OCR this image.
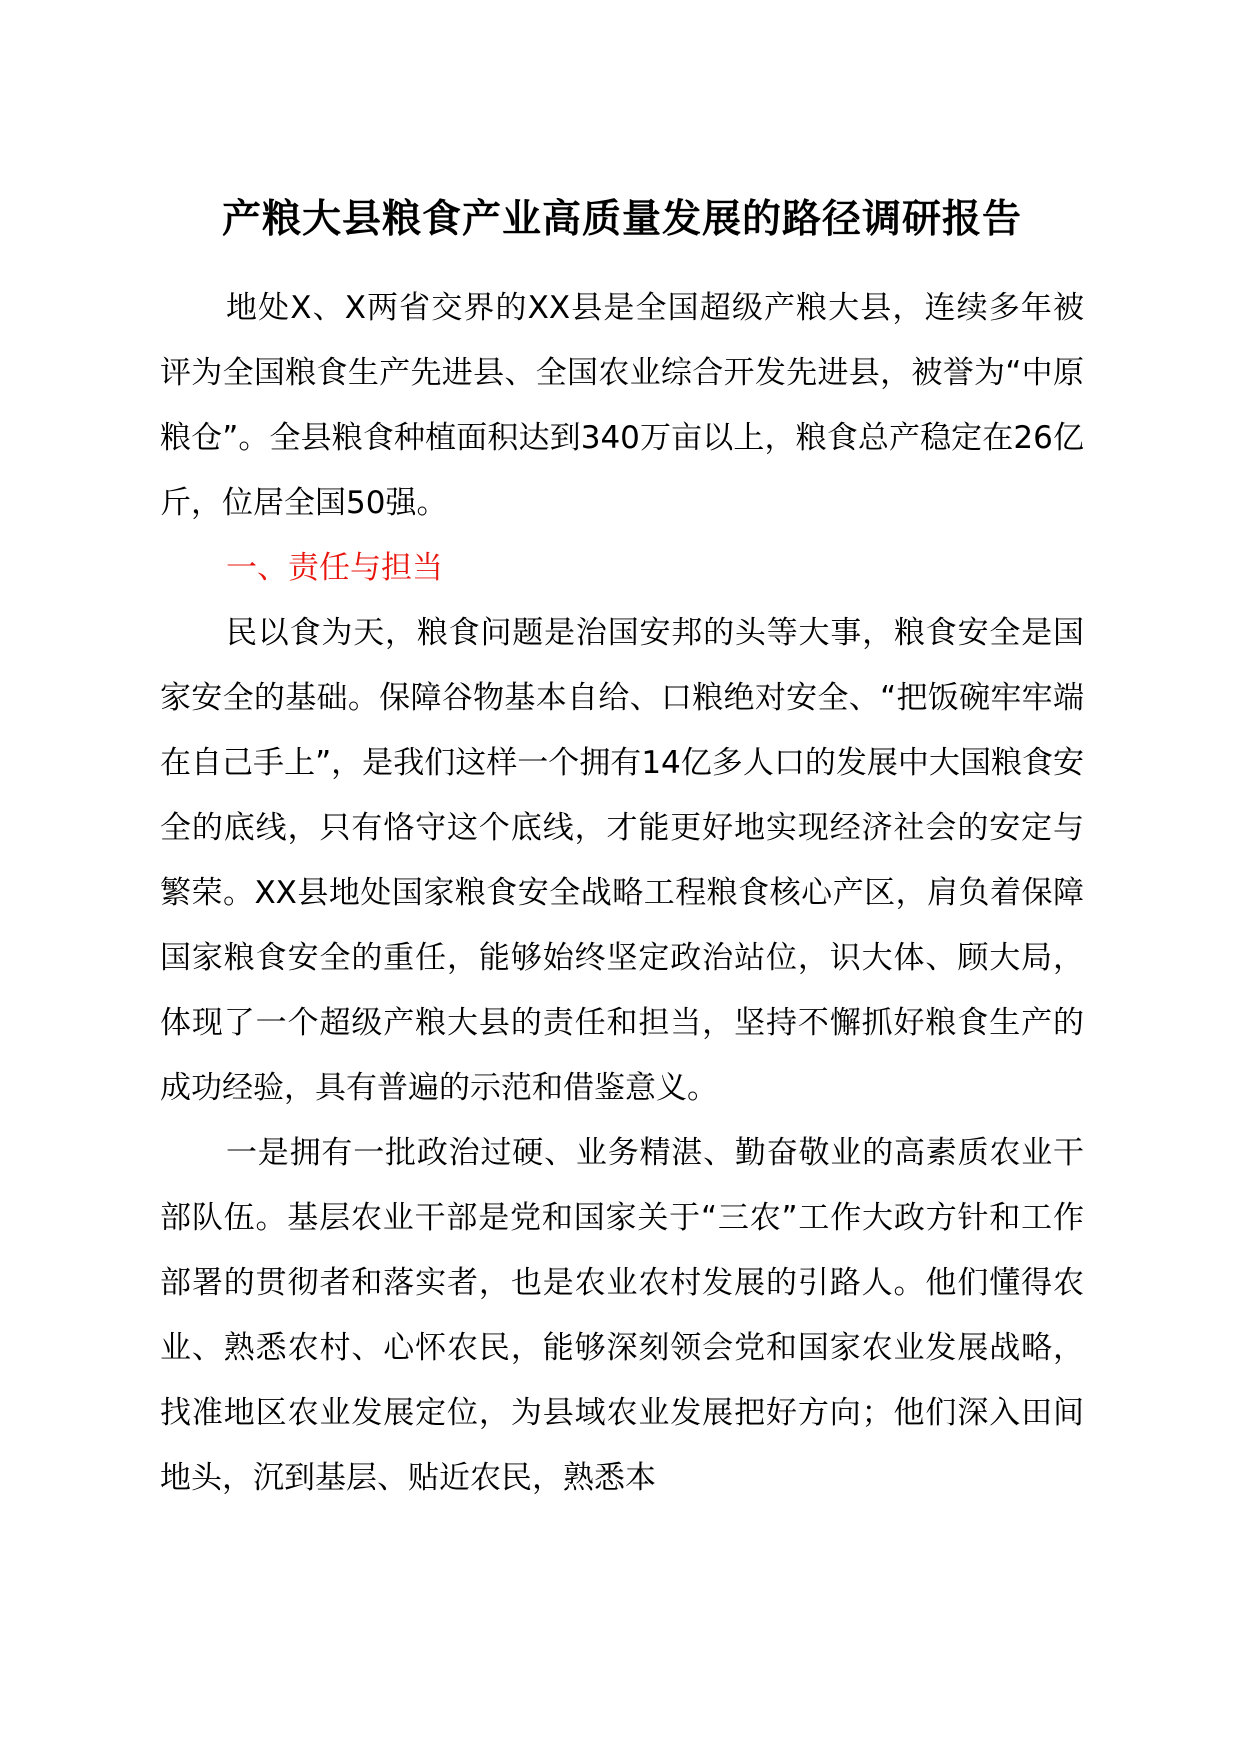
产粮大县粮食产业高质量发展的路径调研报告

地处X、X两省交界的XX县是全国超级产粮大县，连续多年被评为全国粮食生产先进县、全国农业综合开发先进县，被誉为“中原粮仓”。全县粮食种植面积达到340万亩以上，粮食总产稳定在26亿斤，位居全国50强。

一、责任与担当

民以食为天，粮食问题是治国安邦的头等大事，粮食安全是国家安全的基础。保障谷物基本自给、口粮绝对安全、“把饭碗牢牢端在自己手上”，是我们这样一个拥有14亿多人口的发展中大国粮食安全的底线，只有恪守这个底线，才能更好地实现经济社会的安定与繁荣。XX县地处国家粮食安全战略工程粮食核心产区，肩负着保障国家粮食安全的重任，能够始终坚定政治站位，识大体、顾大局，体现了一个超级产粮大县的责任和担当，坚持不懈抓好粮食生产的成功经验，具有普遍的示范和借鉴意义。

一是拥有一批政治过硬、业务精湛、勤奋敬业的高素质农业干部队伍。基层农业干部是党和国家关于“三农”工作大政方针和工作部署的贯彻者和落实者，也是农业农村发展的引路人。他们懂得农业、熟悉农村、心怀农民，能够深刻领会党和国家农业发展战略，找准地区农业发展定位，为县域农业发展把好方向；他们深入田间地头，沉到基层、贴近农民，熟悉本
